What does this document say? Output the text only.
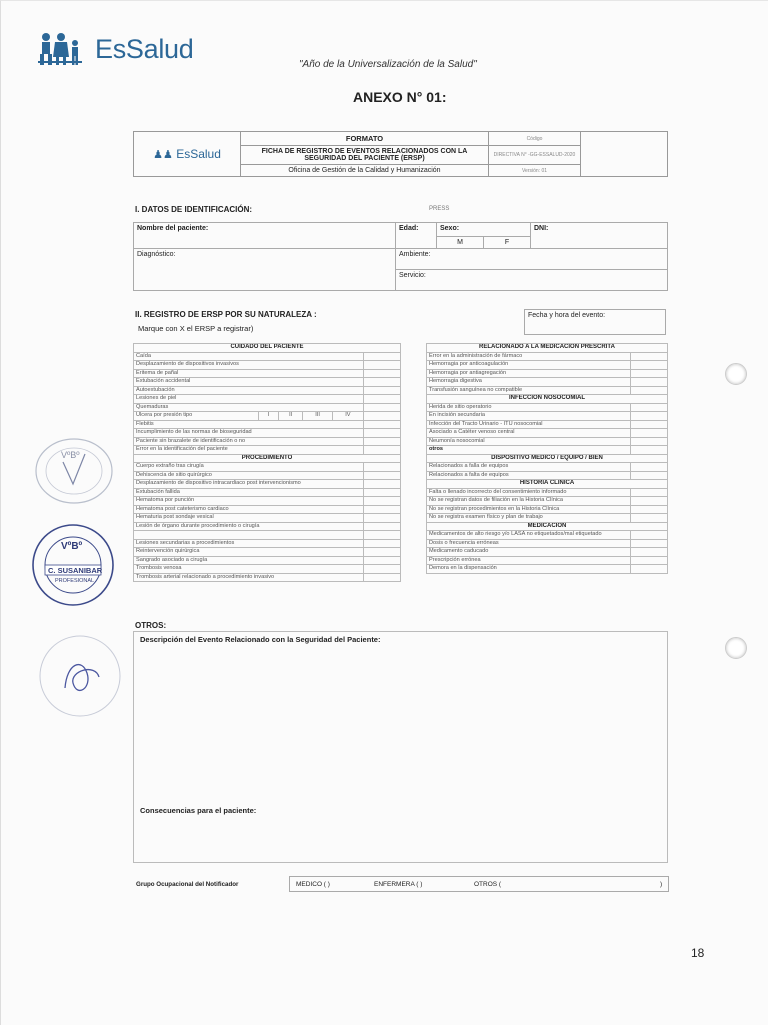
EsSalud
"Año de la Universalización de la Salud"
ANEXO N° 01:
♟♟ EsSalud	FORMATO	Código	
	FICHA DE REGISTRO DE EVENTOS RELACIONADOS CON LA SEGURIDAD DEL PACIENTE (ERSP)	DIRECTIVA N° -GG-ESSALUD-2020	
	Oficina de Gestión de la Calidad y Humanización	Versión: 01	
I. DATOS DE IDENTIFICACIÓN:	PRESS
Nombre del paciente:	Edad:	Sexo:		DNI:
		M	F	
Diagnóstico:	Ambiente:			
	Servicio:			
II. REGISTRO DE ERSP POR SU NATURALEZA :
Marque con X el ERSP a registrar)
Fecha y hora del evento:
CUIDADO DEL PACIENTE					
Caída					
Desplazamiento de dispositivos invasivos					
Eritema de pañal					
Extubación accidental					
Autoextubación					
Lesiones de piel					
Quemaduras					
Úlcera por presión tipo	I	II	III	IV	
Flebitis					
Incumplimiento de las normas de bioseguridad					
Paciente sin brazalete de identificación o no					
Error en la identificación del paciente					
PROCEDIMIENTO					
Cuerpo extraño tras cirugía					
Dehiscencia de sitio quirúrgico					
Desplazamiento de dispositivo intracardiaco post intervencionismo					
Extubación fallida					
Hematoma por punción					
Hematoma post cateterismo cardiaco					
Hematuria post sondaje vesical					
Lesión de órgano durante procedimiento o cirugía					

Lesiones secundarias a procedimientos					
Reintervención quirúrgica					
Sangrado asociado a cirugía					
Trombosis venosa					
Trombosis arterial relacionado a procedimiento invasivo					
RELACIONADO A LA MEDICACIÓN PRESCRITA	
Error en la administración de fármaco	
Hemorragia por anticoagulación	
Hemorragia por antiagregación	
Hemorragia digestiva	
Transfusión sanguínea no compatible	
INFECCIÓN NOSOCOMIAL	
Herida de sitio operatorio	
En incisión secundaria	
Infección del Tracto Urinario - ITU nosocomial	
Asociado a Catéter venoso central	
Neumonía nosocomial	
otros	
DISPOSITIVO MÉDICO / EQUIPO / BIEN	
Relacionados a falla de equipos	
Relacionados a falta de equipos	
HISTORIA CLÍNICA	
Falta o llenado incorrecto del consentimiento informado	
No se registran datos de filiación en la Historia Clínica	
No se registran procedimientos en la Historia Clínica	
No se registra examen físico y plan de trabajo	
MEDICACIÓN	
Medicamentos de alto riesgo y/o LASA no etiquetados/mal etiquetado	
Dosis o frecuencia erróneas	
Medicamento caducado	
Prescripción errónea	
Demora en la dispensación	
OTROS:
Descripción del Evento Relacionado con la Seguridad del Paciente:
Consecuencias para el paciente:
Grupo Ocupacional del Notificador	MEDICO ( )	ENFERMERA ( )	OTROS (	)
18
VºBº
VºBº
C. SUSANIBAR
PROFESIONAL
